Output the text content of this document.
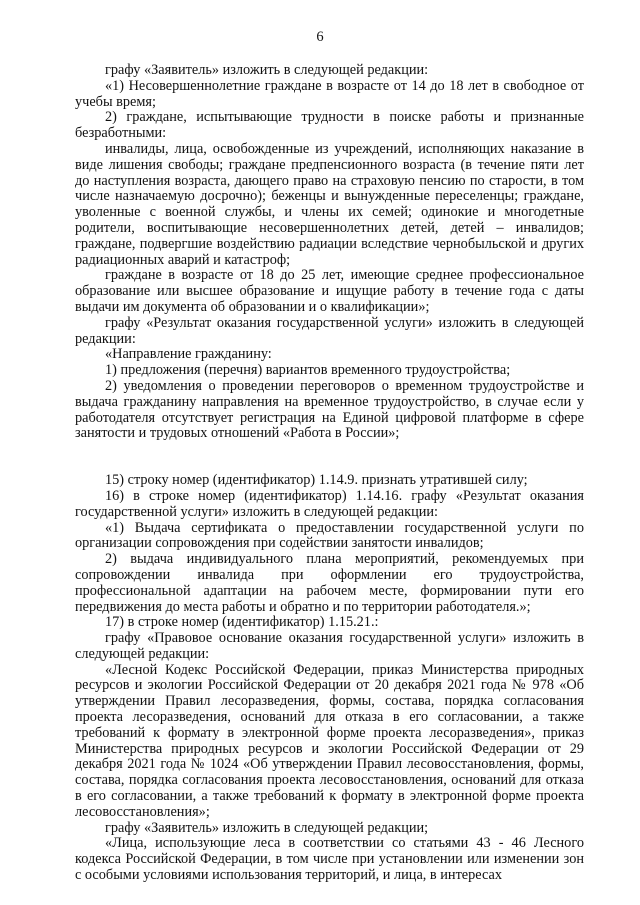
6

графу «Заявитель» изложить в следующей редакции:

«1) Несовершеннолетние граждане в возрасте от 14 до 18 лет в свободное от учебы время;

2) граждане, испытывающие трудности в поиске работы и признанные безработными:

инвалиды, лица, освобожденные из учреждений, исполняющих наказание в виде лишения свободы; граждане предпенсионного возраста (в течение пяти лет до наступления возраста, дающего право на страховую пенсию по старости, в том числе назначаемую досрочно); беженцы и вынужденные переселенцы; граждане, уволенные с военной службы, и члены их семей; одинокие и многодетные родители, воспитывающие несовершеннолетних детей, детей – инвалидов; граждане, подвергшие воздействию радиации вследствие чернобыльской и других радиационных аварий и катастроф;

граждане в возрасте от 18 до 25 лет, имеющие среднее профессиональное образование или высшее образование и ищущие работу в течение года с даты выдачи им документа об образовании и о квалификации»;

графу «Результат оказания государственной услуги» изложить в следующей редакции:

«Направление гражданину:

1) предложения (перечня) вариантов временного трудоустройства;

2) уведомления о проведении переговоров о временном трудоустройстве и выдача гражданину направления на временное трудоустройство, в случае если у работодателя отсутствует регистрация на Единой цифровой платформе в сфере занятости и трудовых отношений «Работа в России»;

15) строку номер (идентификатор) 1.14.9. признать утратившей силу;

16) в строке номер (идентификатор) 1.14.16. графу «Результат оказания государственной услуги» изложить в следующей редакции:

«1) Выдача сертификата о предоставлении государственной услуги по организации сопровождения при содействии занятости инвалидов;

2) выдача индивидуального плана мероприятий, рекомендуемых при сопровождении инвалида при оформлении его трудоустройства, профессиональной адаптации на рабочем месте, формировании пути его передвижения до места работы и обратно и по территории работодателя.»;

17) в строке номер (идентификатор) 1.15.21.:

графу «Правовое основание оказания государственной услуги» изложить в следующей редакции:

«Лесной Кодекс Российской Федерации, приказ Министерства природных ресурсов и экологии Российской Федерации от 20 декабря 2021 года № 978 «Об утверждении Правил лесоразведения, формы, состава, порядка согласования проекта лесоразведения, оснований для отказа в его согласовании, а также требований к формату в электронной форме проекта лесоразведения», приказ Министерства природных ресурсов и экологии Российской Федерации от 29 декабря 2021 года № 1024 «Об утверждении Правил лесовосстановления, формы, состава, порядка согласования проекта лесовосстановления, оснований для отказа в его согласовании, а также требований к формату в электронной форме проекта лесовосстановления»;

графу «Заявитель» изложить в следующей редакции;

«Лица, использующие леса в соответствии со статьями 43 - 46 Лесного кодекса Российской Федерации, в том числе при установлении или изменении зон с особыми условиями использования территорий, и лица, в интересах
